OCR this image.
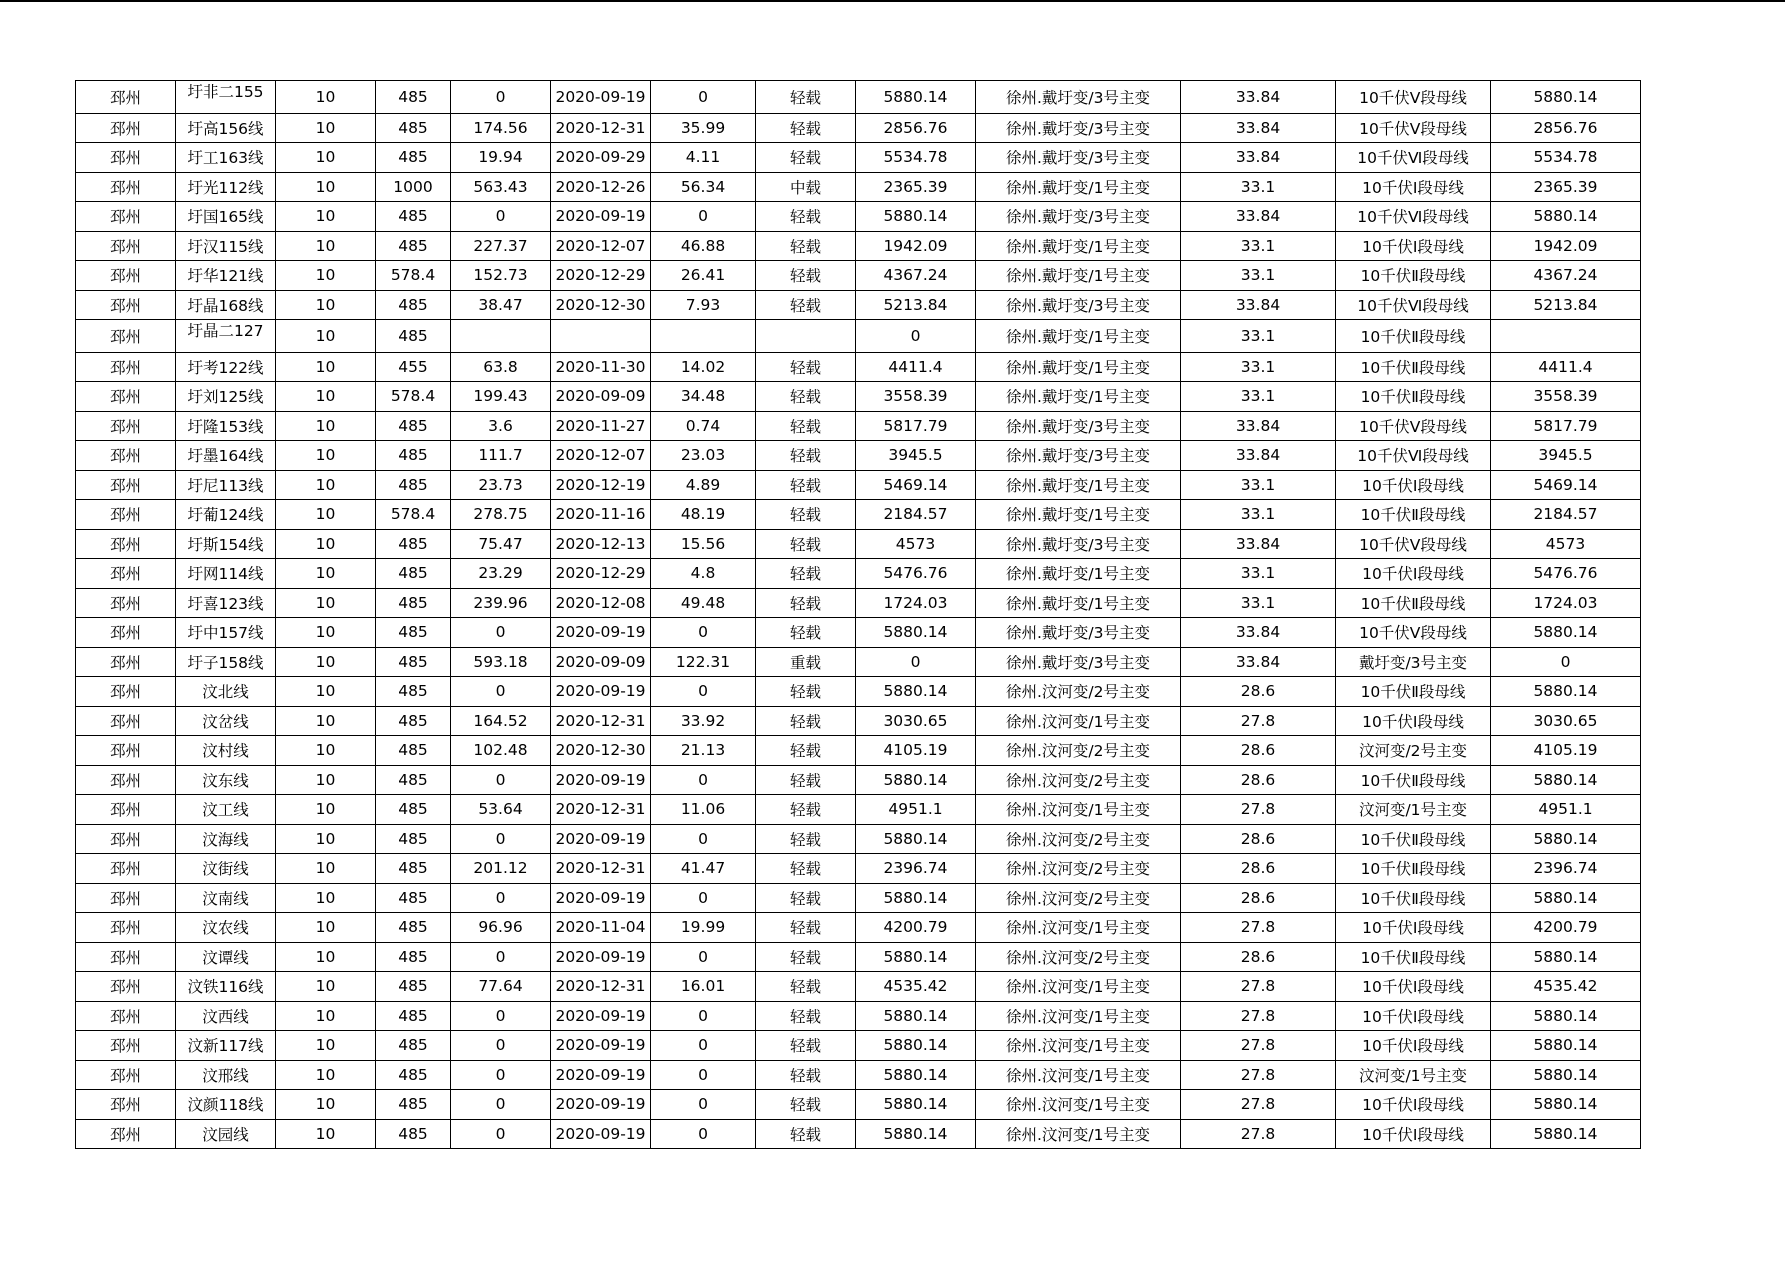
邳州	圩非二155	10	485	0	2020-09-19	0	轻载	5880.14	徐州.戴圩变/3号主变	33.84	10千伏Ⅴ段母线	5880.14
邳州	圩高156线	10	485	174.56	2020-12-31	35.99	轻载	2856.76	徐州.戴圩变/3号主变	33.84	10千伏Ⅴ段母线	2856.76
邳州	圩工163线	10	485	19.94	2020-09-29	4.11	轻载	5534.78	徐州.戴圩变/3号主变	33.84	10千伏Ⅵ段母线	5534.78
邳州	圩光112线	10	1000	563.43	2020-12-26	56.34	中载	2365.39	徐州.戴圩变/1号主变	33.1	10千伏Ⅰ段母线	2365.39
邳州	圩国165线	10	485	0	2020-09-19	0	轻载	5880.14	徐州.戴圩变/3号主变	33.84	10千伏Ⅵ段母线	5880.14
邳州	圩汉115线	10	485	227.37	2020-12-07	46.88	轻载	1942.09	徐州.戴圩变/1号主变	33.1	10千伏Ⅰ段母线	1942.09
邳州	圩华121线	10	578.4	152.73	2020-12-29	26.41	轻载	4367.24	徐州.戴圩变/1号主变	33.1	10千伏Ⅱ段母线	4367.24
邳州	圩晶168线	10	485	38.47	2020-12-30	7.93	轻载	5213.84	徐州.戴圩变/3号主变	33.84	10千伏Ⅵ段母线	5213.84
邳州	圩晶二127	10	485					0	徐州.戴圩变/1号主变	33.1	10千伏Ⅱ段母线	
邳州	圩考122线	10	455	63.8	2020-11-30	14.02	轻载	4411.4	徐州.戴圩变/1号主变	33.1	10千伏Ⅱ段母线	4411.4
邳州	圩刘125线	10	578.4	199.43	2020-09-09	34.48	轻载	3558.39	徐州.戴圩变/1号主变	33.1	10千伏Ⅱ段母线	3558.39
邳州	圩隆153线	10	485	3.6	2020-11-27	0.74	轻载	5817.79	徐州.戴圩变/3号主变	33.84	10千伏Ⅴ段母线	5817.79
邳州	圩墨164线	10	485	111.7	2020-12-07	23.03	轻载	3945.5	徐州.戴圩变/3号主变	33.84	10千伏Ⅵ段母线	3945.5
邳州	圩尼113线	10	485	23.73	2020-12-19	4.89	轻载	5469.14	徐州.戴圩变/1号主变	33.1	10千伏Ⅰ段母线	5469.14
邳州	圩葡124线	10	578.4	278.75	2020-11-16	48.19	轻载	2184.57	徐州.戴圩变/1号主变	33.1	10千伏Ⅱ段母线	2184.57
邳州	圩斯154线	10	485	75.47	2020-12-13	15.56	轻载	4573	徐州.戴圩变/3号主变	33.84	10千伏Ⅴ段母线	4573
邳州	圩网114线	10	485	23.29	2020-12-29	4.8	轻载	5476.76	徐州.戴圩变/1号主变	33.1	10千伏Ⅰ段母线	5476.76
邳州	圩喜123线	10	485	239.96	2020-12-08	49.48	轻载	1724.03	徐州.戴圩变/1号主变	33.1	10千伏Ⅱ段母线	1724.03
邳州	圩中157线	10	485	0	2020-09-19	0	轻载	5880.14	徐州.戴圩变/3号主变	33.84	10千伏Ⅴ段母线	5880.14
邳州	圩子158线	10	485	593.18	2020-09-09	122.31	重载	0	徐州.戴圩变/3号主变	33.84	戴圩变/3号主变	0
邳州	汶北线	10	485	0	2020-09-19	0	轻载	5880.14	徐州.汶河变/2号主变	28.6	10千伏Ⅱ段母线	5880.14
邳州	汶岔线	10	485	164.52	2020-12-31	33.92	轻载	3030.65	徐州.汶河变/1号主变	27.8	10千伏Ⅰ段母线	3030.65
邳州	汶村线	10	485	102.48	2020-12-30	21.13	轻载	4105.19	徐州.汶河变/2号主变	28.6	汶河变/2号主变	4105.19
邳州	汶东线	10	485	0	2020-09-19	0	轻载	5880.14	徐州.汶河变/2号主变	28.6	10千伏Ⅱ段母线	5880.14
邳州	汶工线	10	485	53.64	2020-12-31	11.06	轻载	4951.1	徐州.汶河变/1号主变	27.8	汶河变/1号主变	4951.1
邳州	汶海线	10	485	0	2020-09-19	0	轻载	5880.14	徐州.汶河变/2号主变	28.6	10千伏Ⅱ段母线	5880.14
邳州	汶街线	10	485	201.12	2020-12-31	41.47	轻载	2396.74	徐州.汶河变/2号主变	28.6	10千伏Ⅱ段母线	2396.74
邳州	汶南线	10	485	0	2020-09-19	0	轻载	5880.14	徐州.汶河变/2号主变	28.6	10千伏Ⅱ段母线	5880.14
邳州	汶农线	10	485	96.96	2020-11-04	19.99	轻载	4200.79	徐州.汶河变/1号主变	27.8	10千伏Ⅰ段母线	4200.79
邳州	汶谭线	10	485	0	2020-09-19	0	轻载	5880.14	徐州.汶河变/2号主变	28.6	10千伏Ⅱ段母线	5880.14
邳州	汶铁116线	10	485	77.64	2020-12-31	16.01	轻载	4535.42	徐州.汶河变/1号主变	27.8	10千伏Ⅰ段母线	4535.42
邳州	汶西线	10	485	0	2020-09-19	0	轻载	5880.14	徐州.汶河变/1号主变	27.8	10千伏Ⅰ段母线	5880.14
邳州	汶新117线	10	485	0	2020-09-19	0	轻载	5880.14	徐州.汶河变/1号主变	27.8	10千伏Ⅰ段母线	5880.14
邳州	汶邢线	10	485	0	2020-09-19	0	轻载	5880.14	徐州.汶河变/1号主变	27.8	汶河变/1号主变	5880.14
邳州	汶颜118线	10	485	0	2020-09-19	0	轻载	5880.14	徐州.汶河变/1号主变	27.8	10千伏Ⅰ段母线	5880.14
邳州	汶园线	10	485	0	2020-09-19	0	轻载	5880.14	徐州.汶河变/1号主变	27.8	10千伏Ⅰ段母线	5880.14
